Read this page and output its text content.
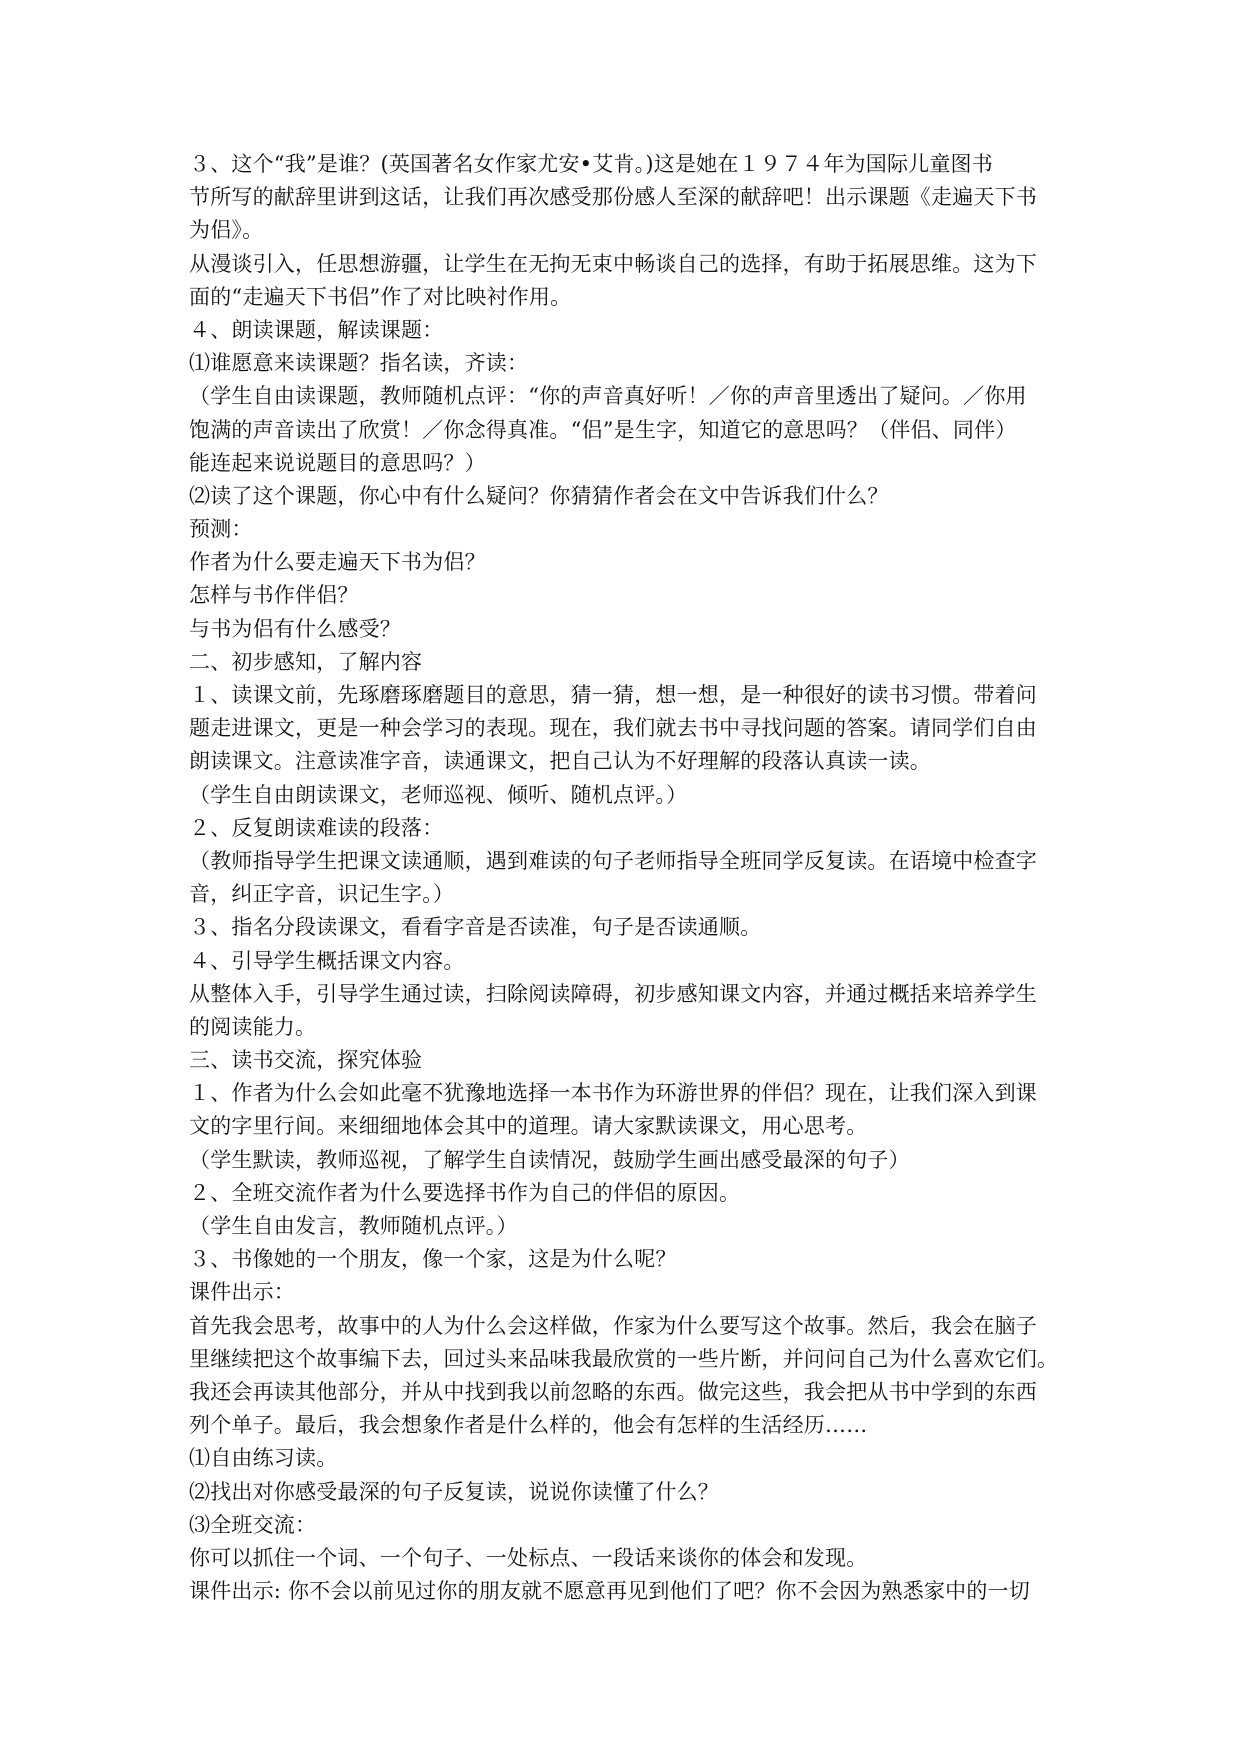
３、这个“我”是谁？(英国著名女作家尤安•艾肯。)这是她在１９７４年为国际儿童图书
节所写的献辞里讲到这话，让我们再次感受那份感人至深的献辞吧！出示课题《走遍天下书
为侣》。
从漫谈引入，任思想游疆，让学生在无拘无束中畅谈自己的选择，有助于拓展思维。这为下
面的“走遍天下书侣”作了对比映衬作用。
４、朗读课题，解读课题：
⑴谁愿意来读课题？指名读，齐读：
（学生自由读课题，教师随机点评：“你的声音真好听！／你的声音里透出了疑问。／你用
饱满的声音读出了欣赏！／你念得真准。“侣”是生字，知道它的意思吗？（伴侣、同伴）
能连起来说说题目的意思吗？）
⑵读了这个课题，你心中有什么疑问？你猜猜作者会在文中告诉我们什么？
预测：
作者为什么要走遍天下书为侣？
怎样与书作伴侣？
与书为侣有什么感受？
二、初步感知，了解内容
１、读课文前，先琢磨琢磨题目的意思，猜一猜，想一想，是一种很好的读书习惯。带着问
题走进课文，更是一种会学习的表现。现在，我们就去书中寻找问题的答案。请同学们自由
朗读课文。注意读准字音，读通课文，把自己认为不好理解的段落认真读一读。
（学生自由朗读课文，老师巡视、倾听、随机点评。）
２、反复朗读难读的段落：
（教师指导学生把课文读通顺，遇到难读的句子老师指导全班同学反复读。在语境中检查字
音，纠正字音，识记生字。）
３、指名分段读课文，看看字音是否读准，句子是否读通顺。
４、引导学生概括课文内容。
从整体入手，引导学生通过读，扫除阅读障碍，初步感知课文内容，并通过概括来培养学生
的阅读能力。
三、读书交流，探究体验
１、作者为什么会如此毫不犹豫地选择一本书作为环游世界的伴侣？现在，让我们深入到课
文的字里行间。来细细地体会其中的道理。请大家默读课文，用心思考。
（学生默读，教师巡视，了解学生自读情况，鼓励学生画出感受最深的句子）
２、全班交流作者为什么要选择书作为自己的伴侣的原因。
（学生自由发言，教师随机点评。）
３、书像她的一个朋友，像一个家，这是为什么呢？
课件出示：
首先我会思考，故事中的人为什么会这样做，作家为什么要写这个故事。然后，我会在脑子
里继续把这个故事编下去，回过头来品味我最欣赏的一些片断，并问问自己为什么喜欢它们。
我还会再读其他部分，并从中找到我以前忽略的东西。做完这些，我会把从书中学到的东西
列个单子。最后，我会想象作者是什么样的，他会有怎样的生活经历……
⑴自由练习读。
⑵找出对你感受最深的句子反复读，说说你读懂了什么？
⑶全班交流：
你可以抓住一个词、一个句子、一处标点、一段话来谈你的体会和发现。
课件出示: 你不会以前见过你的朋友就不愿意再见到他们了吧？你不会因为熟悉家中的一切
